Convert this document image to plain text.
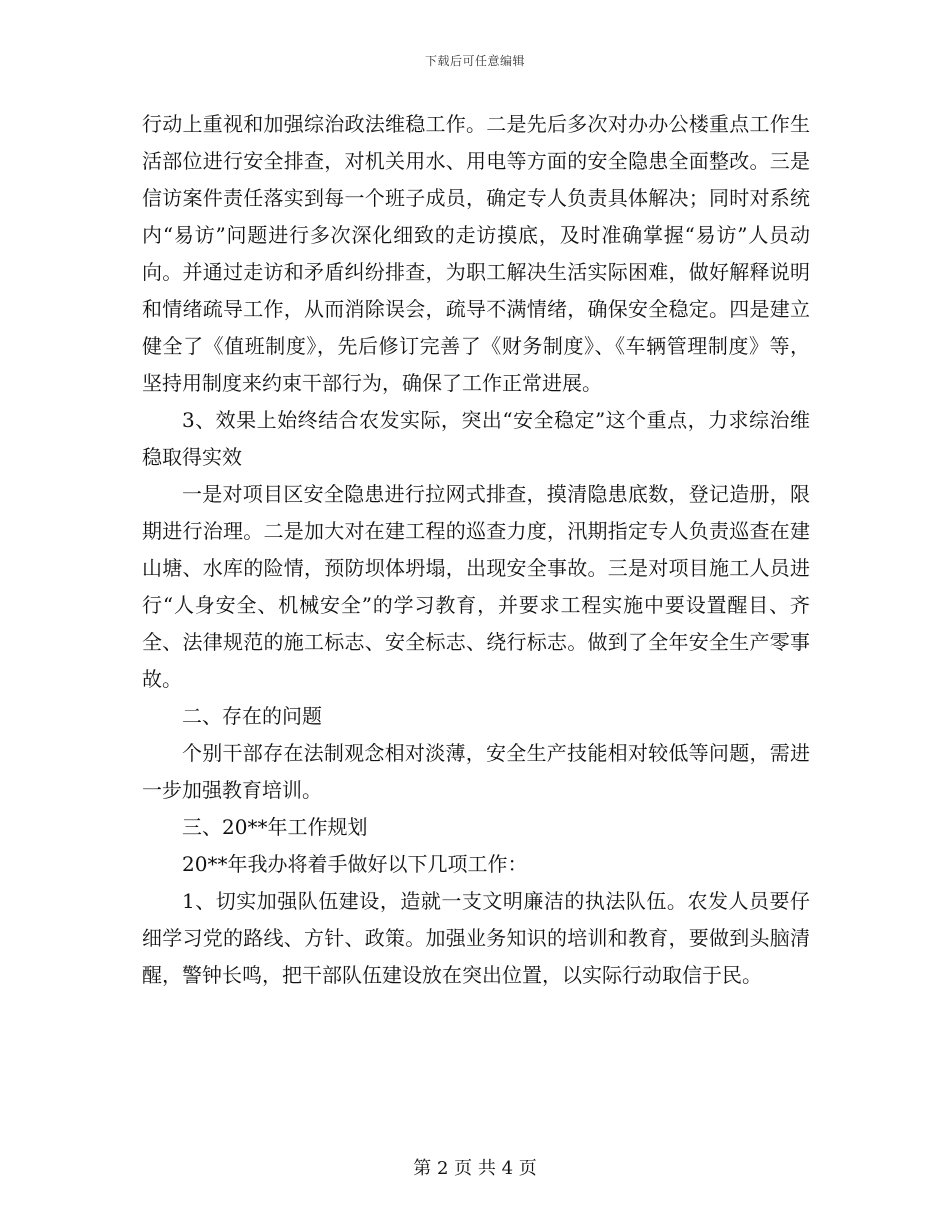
下载后可任意编辑

行动上重视和加强综治政法维稳工作。二是先后多次对办办公楼重点工作生活部位进行安全排查，对机关用水、用电等方面的安全隐患全面整改。三是信访案件责任落实到每一个班子成员，确定专人负责具体解决；同时对系统内“易访”问题进行多次深化细致的走访摸底，及时准确掌握“易访”人员动向。并通过走访和矛盾纠纷排查，为职工解决生活实际困难，做好解释说明和情绪疏导工作，从而消除误会，疏导不满情绪，确保安全稳定。四是建立健全了《值班制度》，先后修订完善了《财务制度》、《车辆管理制度》等，坚持用制度来约束干部行为，确保了工作正常进展。

3、效果上始终结合农发实际，突出“安全稳定”这个重点，力求综治维稳取得实效

一是对项目区安全隐患进行拉网式排查，摸清隐患底数，登记造册，限期进行治理。二是加大对在建工程的巡查力度，汛期指定专人负责巡查在建山塘、水库的险情，预防坝体坍塌，出现安全事故。三是对项目施工人员进行“人身安全、机械安全”的学习教育，并要求工程实施中要设置醒目、齐全、法律规范的施工标志、安全标志、绕行标志。做到了全年安全生产零事故。

二、存在的问题

个别干部存在法制观念相对淡薄，安全生产技能相对较低等问题，需进一步加强教育培训。

三、20**年工作规划

20**年我办将着手做好以下几项工作：

1、切实加强队伍建设，造就一支文明廉洁的执法队伍。农发人员要仔细学习党的路线、方针、政策。加强业务知识的培训和教育，要做到头脑清醒，警钟长鸣，把干部队伍建设放在突出位置，以实际行动取信于民。

第 2 页 共 4 页
